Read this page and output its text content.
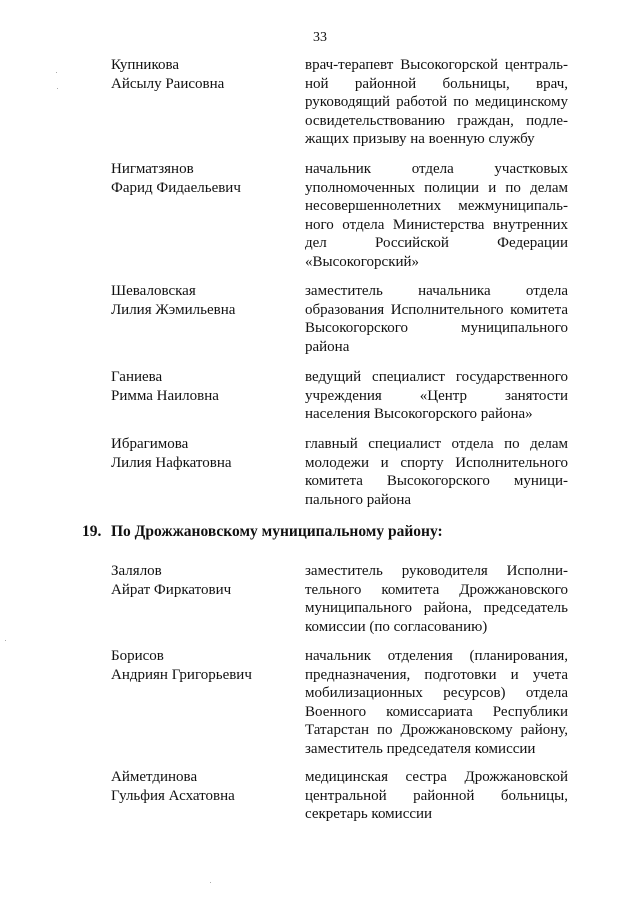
33
Купникова
Айсылу Раисовна
врач-терапевт Высокогорской централь-
ной районной больницы, врач,
руководящий работой по медицинскому
освидетельствованию граждан, подле-
жащих призыву на военную службу
Нигматзянов
Фарид Фидаельевич
начальник отдела участковых
уполномоченных полиции и по делам
несовершеннолетних межмуниципаль-
ного отдела Министерства внутренних
дел Российской Федерации
«Высокогорский»
Шеваловская
Лилия Жэмильевна
заместитель начальника отдела
образования Исполнительного комитета
Высокогорского муниципального
района
Ганиева
Римма Наиловна
ведущий специалист государственного
учреждения «Центр занятости
населения Высокогорского района»
Ибрагимова
Лилия Нафкатовна
главный специалист отдела по делам
молодежи и спорту Исполнительного
комитета Высокогорского муници-
пального района
19. По Дрожжановскому муниципальному району:
Залялов
Айрат Фиркатович
заместитель руководителя Исполни-
тельного комитета Дрожжановского
муниципального района, председатель
комиссии (по согласованию)
Борисов
Андриян Григорьевич
начальник отделения (планирования,
предназначения, подготовки и учета
мобилизационных ресурсов) отдела
Военного комиссариата Республики
Татарстан по Дрожжановскому району,
заместитель председателя комиссии
Айметдинова
Гульфия Асхатовна
медицинская сестра Дрожжановской
центральной районной больницы,
секретарь комиссии
